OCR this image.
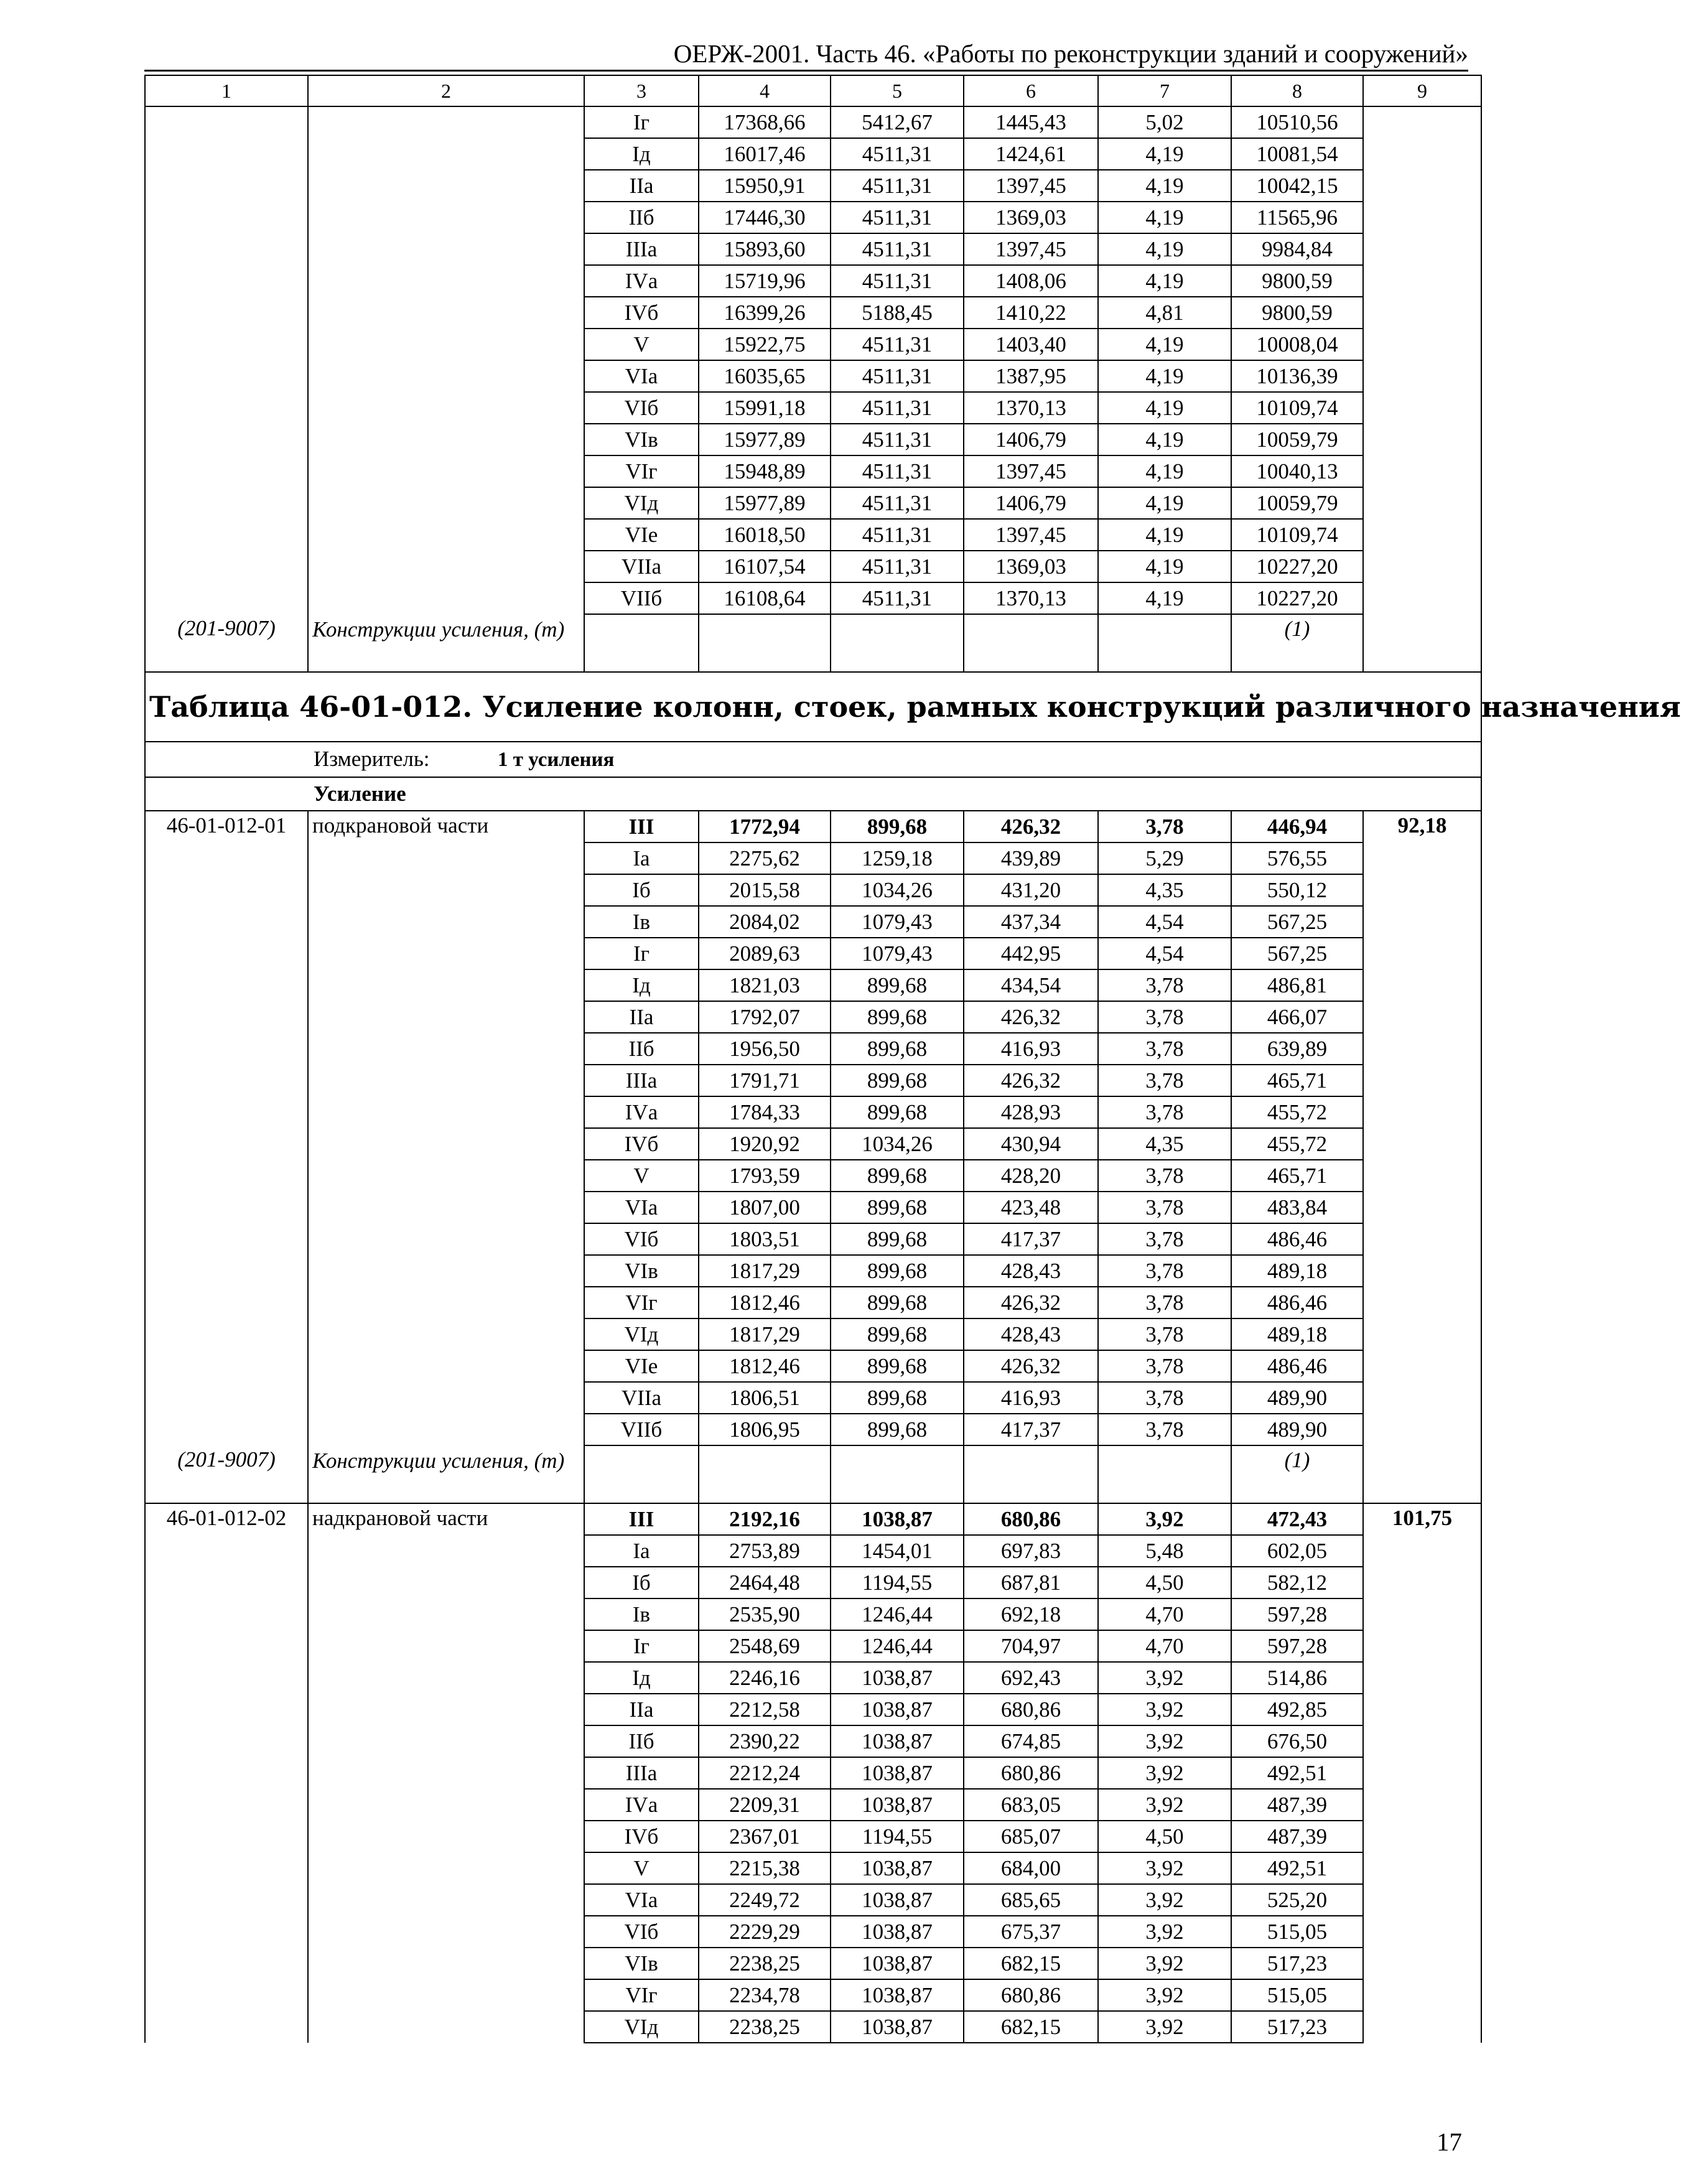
ОЕРЖ-2001. Часть 46. «Работы по реконструкции зданий и сооружений»
1	2	3	4	5	6	7	8	9
		Iг	17368,66	5412,67	1445,43	5,02	10510,56	
		Iд	16017,46	4511,31	1424,61	4,19	10081,54	
		IIа	15950,91	4511,31	1397,45	4,19	10042,15	
		IIб	17446,30	4511,31	1369,03	4,19	11565,96	
		IIIа	15893,60	4511,31	1397,45	4,19	9984,84	
		IVа	15719,96	4511,31	1408,06	4,19	9800,59	
		IVб	16399,26	5188,45	1410,22	4,81	9800,59	
		V	15922,75	4511,31	1403,40	4,19	10008,04	
		VIа	16035,65	4511,31	1387,95	4,19	10136,39	
		VIб	15991,18	4511,31	1370,13	4,19	10109,74	
		VIв	15977,89	4511,31	1406,79	4,19	10059,79	
		VIг	15948,89	4511,31	1397,45	4,19	10040,13	
		VIд	15977,89	4511,31	1406,79	4,19	10059,79	
		VIе	16018,50	4511,31	1397,45	4,19	10109,74	
		VIIа	16107,54	4511,31	1369,03	4,19	10227,20	
		VIIб	16108,64	4511,31	1370,13	4,19	10227,20	
(201-9007)	Конструкции усиления, (т)						(1)	
Таблица 46-01-012. Усиление колонн, стоек, рамных конструкций различного назначения								
Измеритель: 1 т усиления								
Усиление								
46-01-012-01	подкрановой части	III	1772,94	899,68	426,32	3,78	446,94	92,18
		Iа	2275,62	1259,18	439,89	5,29	576,55	
		Iб	2015,58	1034,26	431,20	4,35	550,12	
		Iв	2084,02	1079,43	437,34	4,54	567,25	
		Iг	2089,63	1079,43	442,95	4,54	567,25	
		Iд	1821,03	899,68	434,54	3,78	486,81	
		IIа	1792,07	899,68	426,32	3,78	466,07	
		IIб	1956,50	899,68	416,93	3,78	639,89	
		IIIа	1791,71	899,68	426,32	3,78	465,71	
		IVа	1784,33	899,68	428,93	3,78	455,72	
		IVб	1920,92	1034,26	430,94	4,35	455,72	
		V	1793,59	899,68	428,20	3,78	465,71	
		VIа	1807,00	899,68	423,48	3,78	483,84	
		VIб	1803,51	899,68	417,37	3,78	486,46	
		VIв	1817,29	899,68	428,43	3,78	489,18	
		VIг	1812,46	899,68	426,32	3,78	486,46	
		VIд	1817,29	899,68	428,43	3,78	489,18	
		VIе	1812,46	899,68	426,32	3,78	486,46	
		VIIа	1806,51	899,68	416,93	3,78	489,90	
		VIIб	1806,95	899,68	417,37	3,78	489,90	
(201-9007)	Конструкции усиления, (т)						(1)	
46-01-012-02	надкрановой части	III	2192,16	1038,87	680,86	3,92	472,43	101,75
		Iа	2753,89	1454,01	697,83	5,48	602,05	
		Iб	2464,48	1194,55	687,81	4,50	582,12	
		Iв	2535,90	1246,44	692,18	4,70	597,28	
		Iг	2548,69	1246,44	704,97	4,70	597,28	
		Iд	2246,16	1038,87	692,43	3,92	514,86	
		IIа	2212,58	1038,87	680,86	3,92	492,85	
		IIб	2390,22	1038,87	674,85	3,92	676,50	
		IIIа	2212,24	1038,87	680,86	3,92	492,51	
		IVа	2209,31	1038,87	683,05	3,92	487,39	
		IVб	2367,01	1194,55	685,07	4,50	487,39	
		V	2215,38	1038,87	684,00	3,92	492,51	
		VIа	2249,72	1038,87	685,65	3,92	525,20	
		VIб	2229,29	1038,87	675,37	3,92	515,05	
		VIв	2238,25	1038,87	682,15	3,92	517,23	
		VIг	2234,78	1038,87	680,86	3,92	515,05	
		VIд	2238,25	1038,87	682,15	3,92	517,23	
17
